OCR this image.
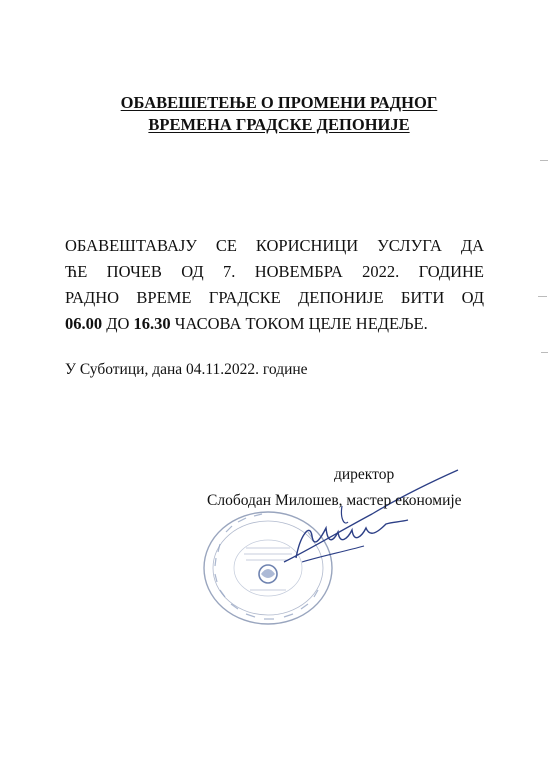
ОБАВЕШЕТЕЊЕ О ПРОМЕНИ РАДНОГ
ВРЕМЕНА ГРАДСКЕ ДЕПОНИЈЕ
ОБАВЕШТАВАЈУ СЕ КОРИСНИЦИ УСЛУГА ДА
ЋЕ ПОЧЕВ ОД 7. НОВЕМБРА 2022. ГОДИНЕ
РАДНО ВРЕМЕ ГРАДСКЕ ДЕПОНИЈЕ БИТИ ОД
06.00 ДО 16.30 ЧАСОВА ТОКОМ ЦЕЛЕ НЕДЕЉЕ.
У Суботици, дана 04.11.2022. године
директор
Слободан Милошев, мастер економије
